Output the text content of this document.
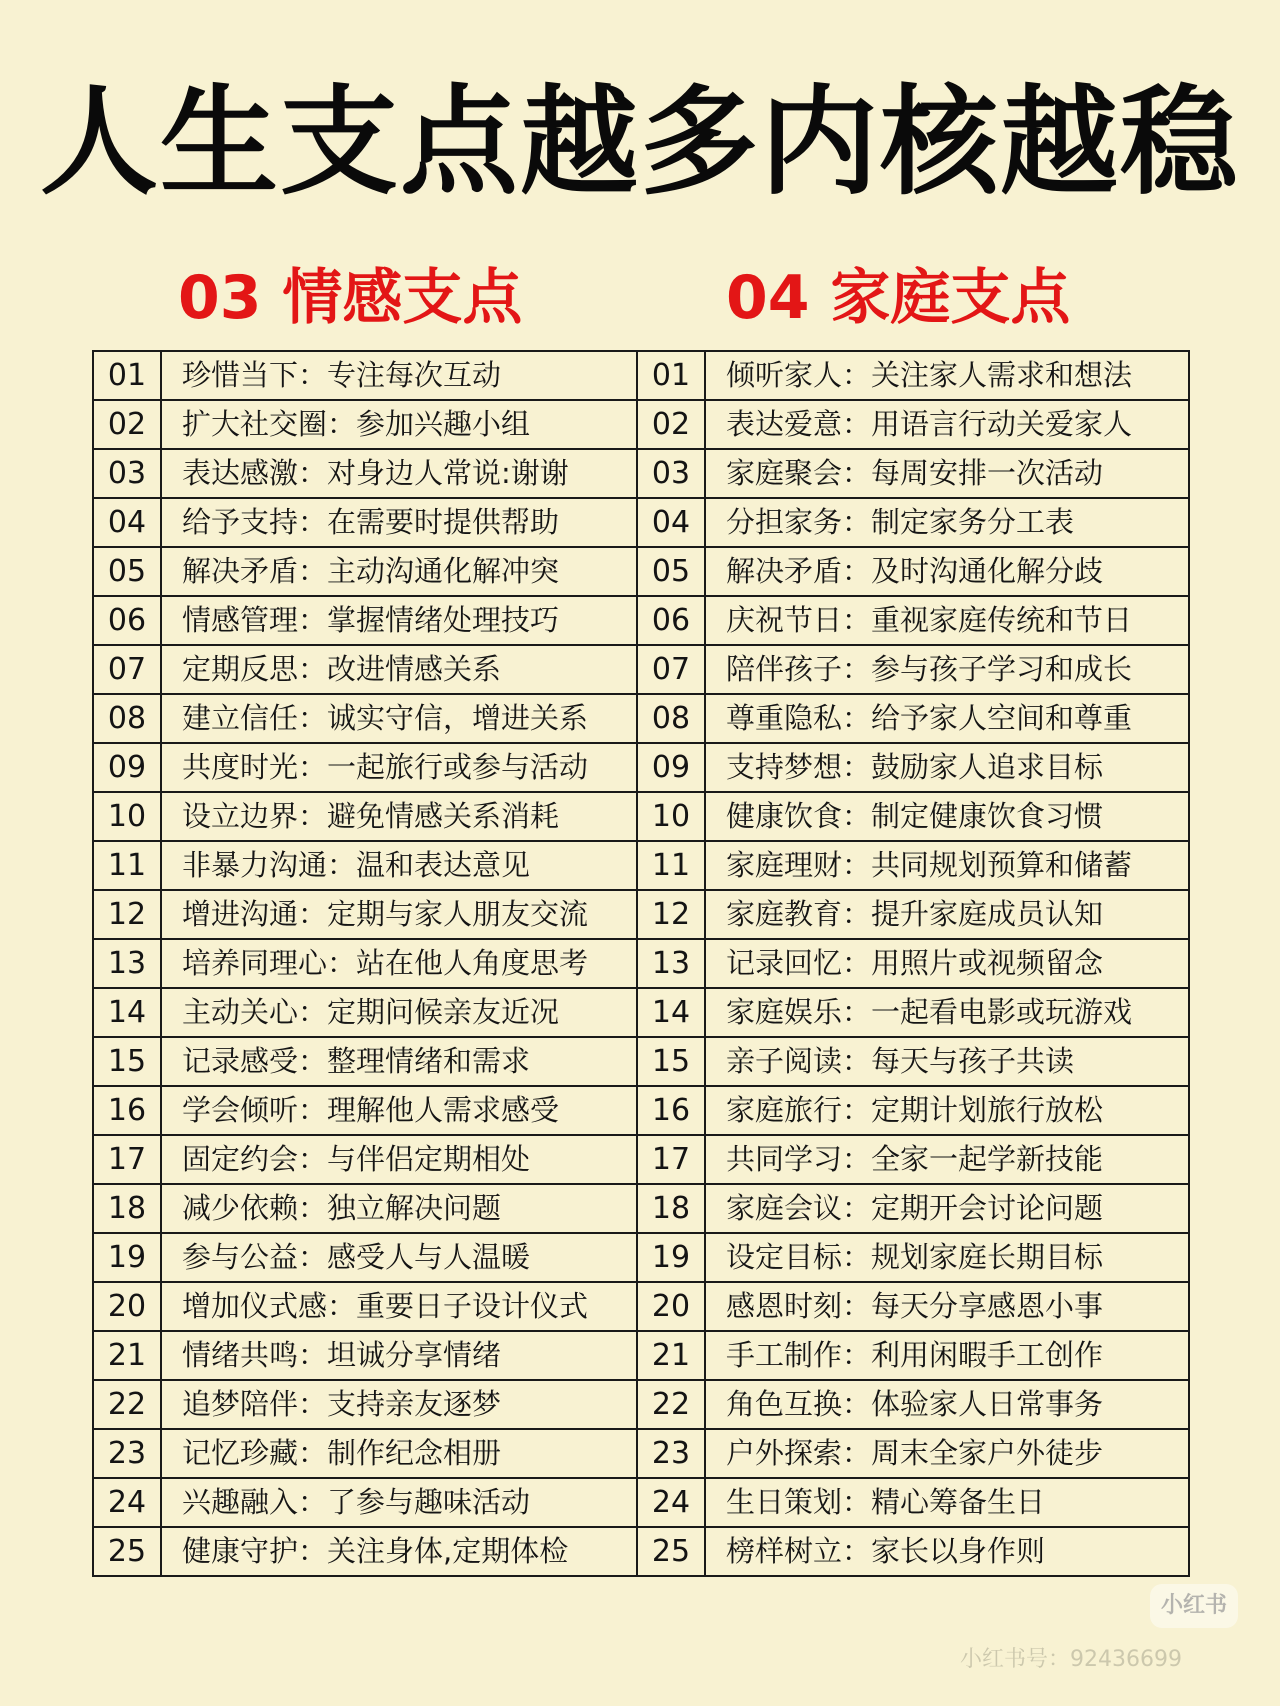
人生支点越多内核越稳
03 情感支点	04 家庭支点
01	珍惜当下：专注每次互动	01	倾听家人：关注家人需求和想法
02	扩大社交圈：参加兴趣小组	02	表达爱意：用语言行动关爱家人
03	表达感激：对身边人常说:谢谢	03	家庭聚会：每周安排一次活动
04	给予支持：在需要时提供帮助	04	分担家务：制定家务分工表
05	解决矛盾：主动沟通化解冲突	05	解决矛盾：及时沟通化解分歧
06	情感管理：掌握情绪处理技巧	06	庆祝节日：重视家庭传统和节日
07	定期反思：改进情感关系	07	陪伴孩子：参与孩子学习和成长
08	建立信任：诚实守信，增进关系	08	尊重隐私：给予家人空间和尊重
09	共度时光：一起旅行或参与活动	09	支持梦想：鼓励家人追求目标
10	设立边界：避免情感关系消耗	10	健康饮食：制定健康饮食习惯
11	非暴力沟通：温和表达意见	11	家庭理财：共同规划预算和储蓄
12	增进沟通：定期与家人朋友交流	12	家庭教育：提升家庭成员认知
13	培养同理心：站在他人角度思考	13	记录回忆：用照片或视频留念
14	主动关心：定期问候亲友近况	14	家庭娱乐：一起看电影或玩游戏
15	记录感受：整理情绪和需求	15	亲子阅读：每天与孩子共读
16	学会倾听：理解他人需求感受	16	家庭旅行：定期计划旅行放松
17	固定约会：与伴侣定期相处	17	共同学习：全家一起学新技能
18	减少依赖：独立解决问题	18	家庭会议：定期开会讨论问题
19	参与公益：感受人与人温暖	19	设定目标：规划家庭长期目标
20	增加仪式感：重要日子设计仪式	20	感恩时刻：每天分享感恩小事
21	情绪共鸣：坦诚分享情绪	21	手工制作：利用闲暇手工创作
22	追梦陪伴：支持亲友逐梦	22	角色互换：体验家人日常事务
23	记忆珍藏：制作纪念相册	23	户外探索：周末全家户外徒步
24	兴趣融入：了参与趣味活动	24	生日策划：精心筹备生日
25	健康守护：关注身体,定期体检	25	榜样树立：家长以身作则
小红书
小红书号：92436699
